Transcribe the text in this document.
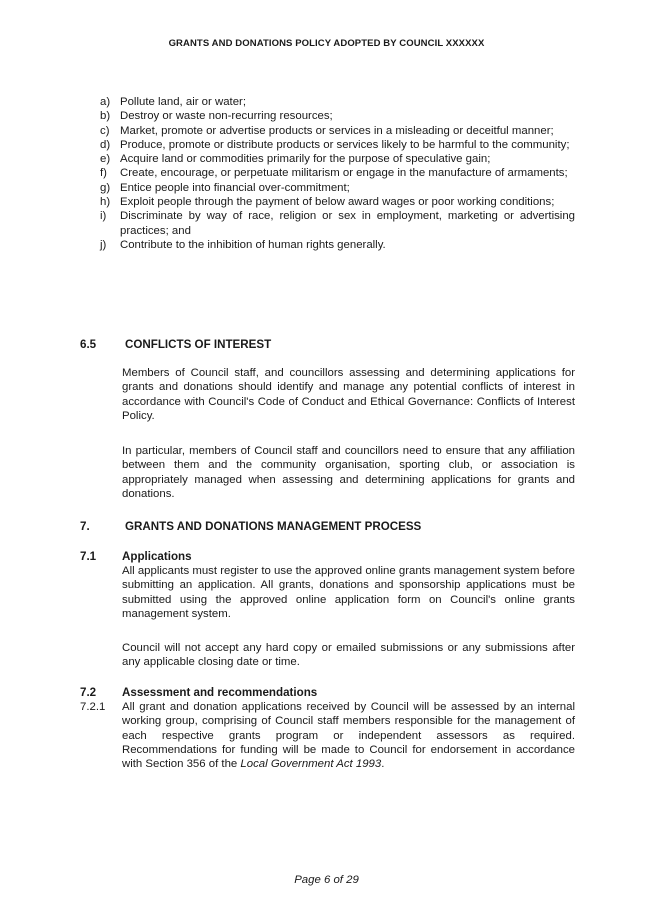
GRANTS AND DONATIONS POLICY ADOPTED BY COUNCIL XXXXXX
a) Pollute land, air or water;
b) Destroy or waste non-recurring resources;
c) Market, promote or advertise products or services in a misleading or deceitful manner;
d) Produce, promote or distribute products or services likely to be harmful to the community;
e) Acquire land or commodities primarily for the purpose of speculative gain;
f)	Create, encourage, or perpetuate militarism or engage in the manufacture of armaments;
g) Entice people into financial over-commitment;
h) Exploit people through the payment of below award wages or poor working conditions;
i)	Discriminate by way of race, religion or sex in employment, marketing or advertising practices; and
j)	Contribute to the inhibition of human rights generally.
6.5 CONFLICTS OF INTEREST
Members of Council staff, and councillors assessing and determining applications for grants and donations should identify and manage any potential conflicts of interest in accordance with Council's Code of Conduct and Ethical Governance: Conflicts of Interest Policy.
In particular, members of Council staff and councillors need to ensure that any affiliation between them and the community organisation, sporting club, or association is appropriately managed when assessing and determining applications for grants and donations.
7.	GRANTS AND DONATIONS MANAGEMENT PROCESS
7.1 Applications
All applicants must register to use the approved online grants management system before submitting an application. All grants, donations and sponsorship applications must be submitted using the approved online application form on Council's online grants management system.
Council will not accept any hard copy or emailed submissions or any submissions after any applicable closing date or time.
7.2 Assessment and recommendations
7.2.1	All grant and donation applications received by Council will be assessed by an internal working group, comprising of Council staff members responsible for the management of each respective grants program or independent assessors as required. Recommendations for funding will be made to Council for endorsement in accordance with Section 356 of the Local Government Act 1993.
Page 6 of 29
